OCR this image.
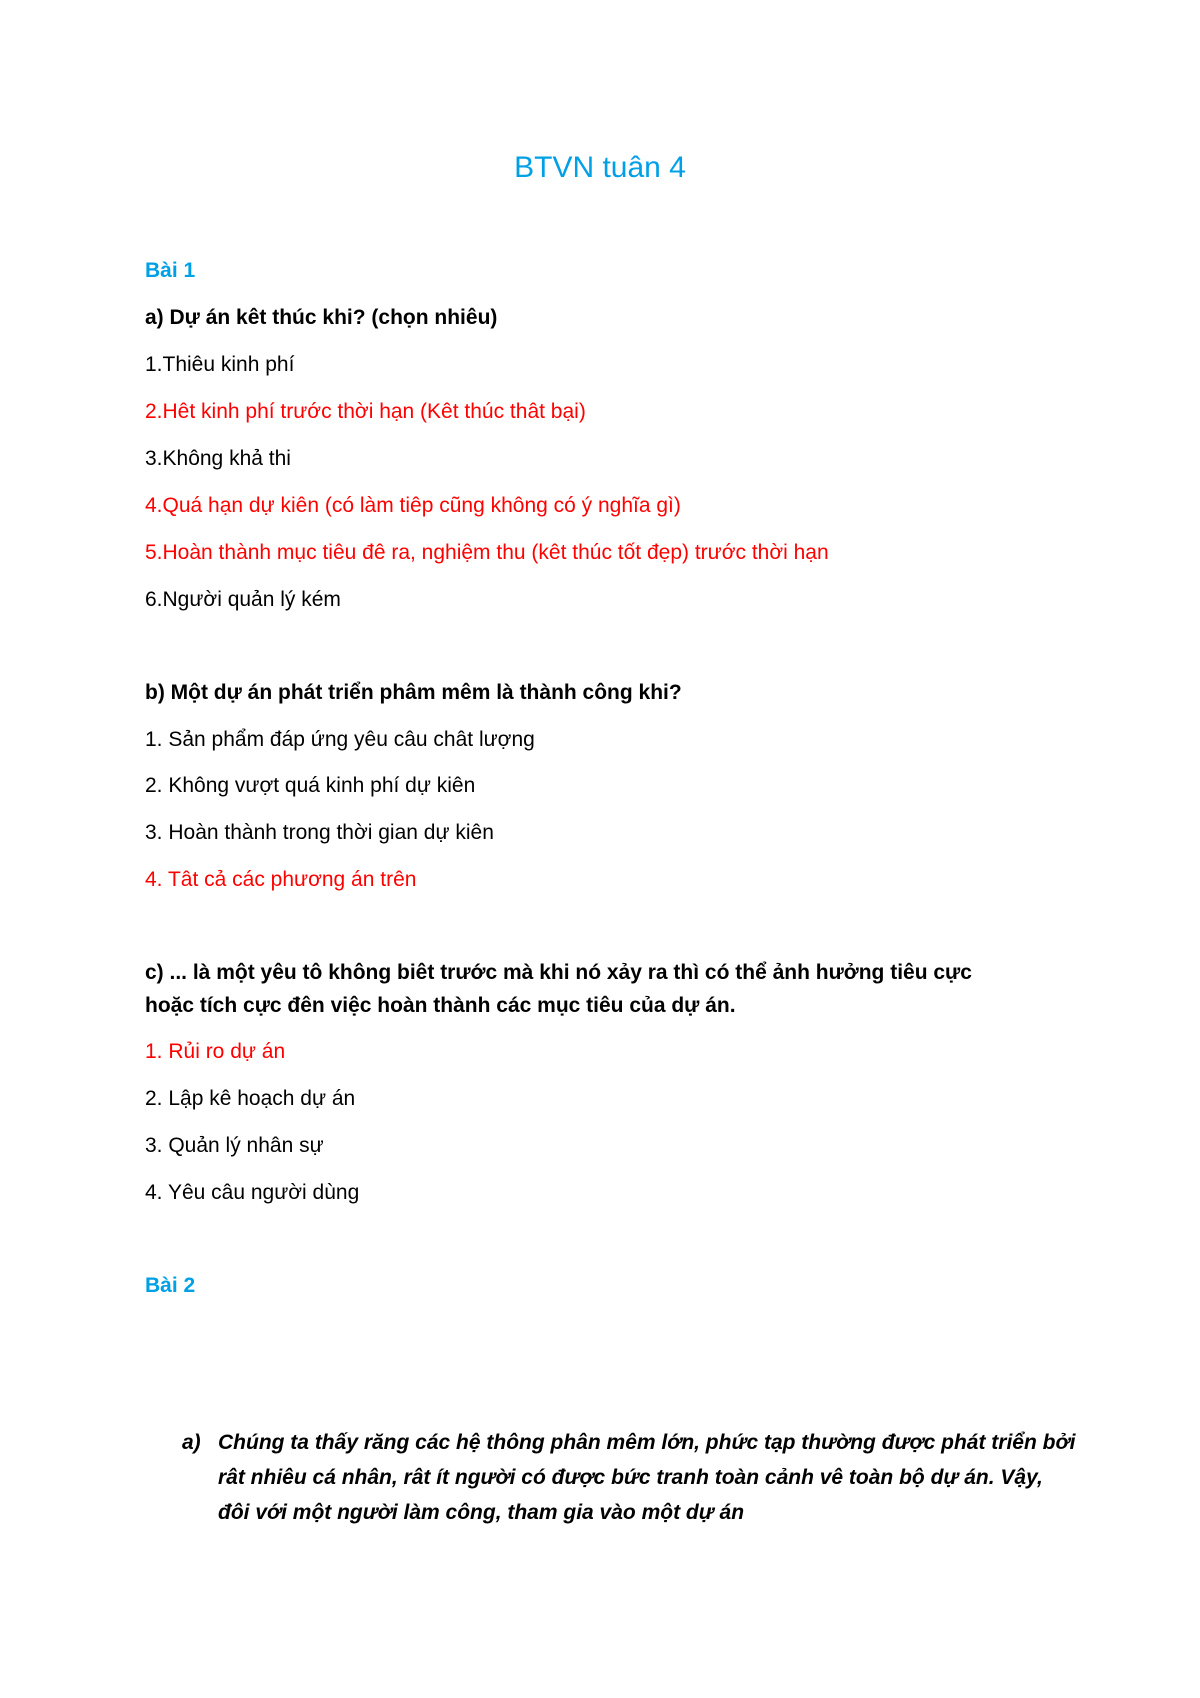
BTVN tuân 4
Bài 1
a) Dự án kêt thúc khi? (chọn nhiêu)
1.Thiêu kinh phí
2.Hêt kinh phí trước thời hạn (Kêt thúc thât bại)
3.Không khả thi
4.Quá hạn dự kiên (có làm tiêp cũng không có ý nghĩa gì)
5.Hoàn thành mục tiêu đê ra, nghiệm thu (kêt thúc tốt đẹp) trước thời hạn
6.Người quản lý kém
b) Một dự án phát triển phâm mêm là thành công khi?
1. Sản phẩm đáp ứng yêu câu chât lượng
2. Không vượt quá kinh phí dự kiên
3. Hoàn thành trong thời gian dự kiên
4. Tât cả các phương án trên
c) ... là một yêu tô không biêt trước mà khi nó xảy ra thì có thể ảnh hưởng tiêu cực
hoặc tích cực đên việc hoàn thành các mục tiêu của dự án.
1. Rủi ro dự án
2. Lập kê hoạch dự án
3. Quản lý nhân sự
4. Yêu câu người dùng
Bài 2
a) Chúng ta thấy răng các hệ thông phân mêm lớn, phức tạp thường được phát triển bởi rât nhiêu cá nhân, rât ít người có được bức tranh toàn cảnh vê toàn bộ dự án. Vậy, đôi với một người làm công, tham gia vào một dự án
